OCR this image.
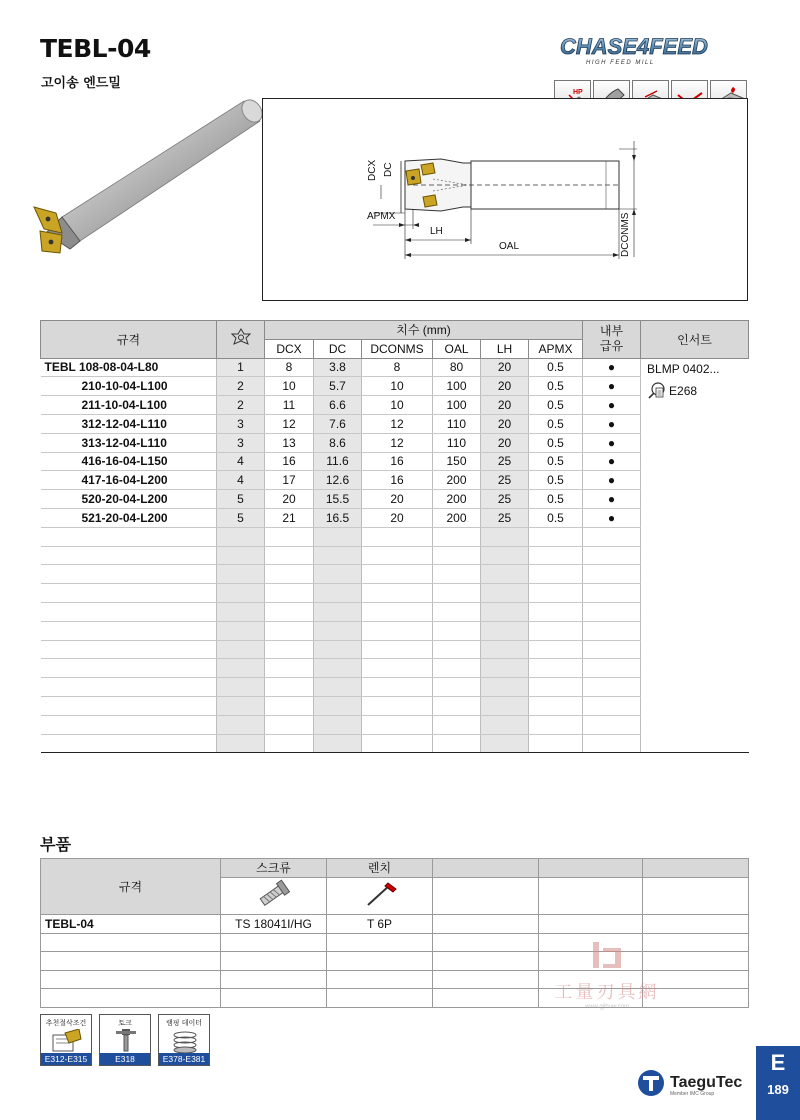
TEBL-04
고이송 엔드밀
CHASE4FEED
HIGH FEED MILL
HP
DCX DC
APMX
LH
OAL	DCONMS
규격		치수 (mm)						내부 급유	인서트
		DCX	DC	DCONMS	OAL	LH	APMX		
TEBL 108-08-04-L80	1	8	3.8	8	80	20	0.5	●	BLMP 0402...
E268

210-10-04-L100	2	10	5.7	10	100	20	0.5	●	
211-10-04-L100	2	11	6.6	10	100	20	0.5	●	
312-12-04-L110	3	12	7.6	12	110	20	0.5	●	
313-12-04-L110	3	13	8.6	12	110	20	0.5	●	
416-16-04-L150	4	16	11.6	16	150	25	0.5	●	
417-16-04-L200	4	17	12.6	16	200	25	0.5	●	
520-20-04-L200	5	20	15.5	20	200	25	0.5	●	
521-20-04-L200	5	21	16.5	20	200	25	0.5	●	

부품
규격	스크류	렌치			

TEBL-04	TS 18041I/HG	T 6P			

工量刃具網
www.gjlhuw.com
추천절삭조건
E312-E315
토크
E318
램핑 데이터
E378-E381
TaeguTec
Member IMC Group
E
189
